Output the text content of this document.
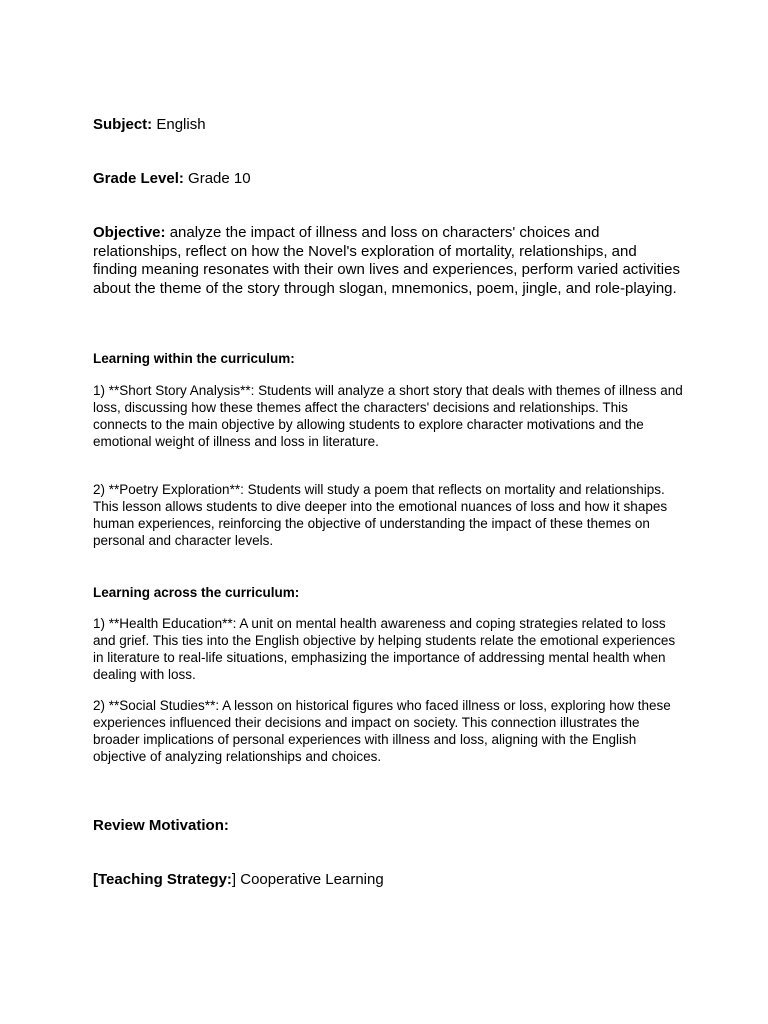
Subject: English

Grade Level: Grade 10

Objective: analyze the impact of illness and loss on characters' choices and relationships, reflect on how the Novel's exploration of mortality, relationships, and finding meaning resonates with their own lives and experiences, perform varied activities about the theme of the story through slogan, mnemonics, poem, jingle, and role-playing.

Learning within the curriculum:

1) **Short Story Analysis**: Students will analyze a short story that deals with themes of illness and loss, discussing how these themes affect the characters' decisions and relationships. This connects to the main objective by allowing students to explore character motivations and the emotional weight of illness and loss in literature.

2) **Poetry Exploration**: Students will study a poem that reflects on mortality and relationships. This lesson allows students to dive deeper into the emotional nuances of loss and how it shapes human experiences, reinforcing the objective of understanding the impact of these themes on personal and character levels.

Learning across the curriculum:

1) **Health Education**: A unit on mental health awareness and coping strategies related to loss and grief. This ties into the English objective by helping students relate the emotional experiences in literature to real-life situations, emphasizing the importance of addressing mental health when dealing with loss.

2) **Social Studies**: A lesson on historical figures who faced illness or loss, exploring how these experiences influenced their decisions and impact on society. This connection illustrates the broader implications of personal experiences with illness and loss, aligning with the English objective of analyzing relationships and choices.

Review Motivation:

[Teaching Strategy:] Cooperative Learning
